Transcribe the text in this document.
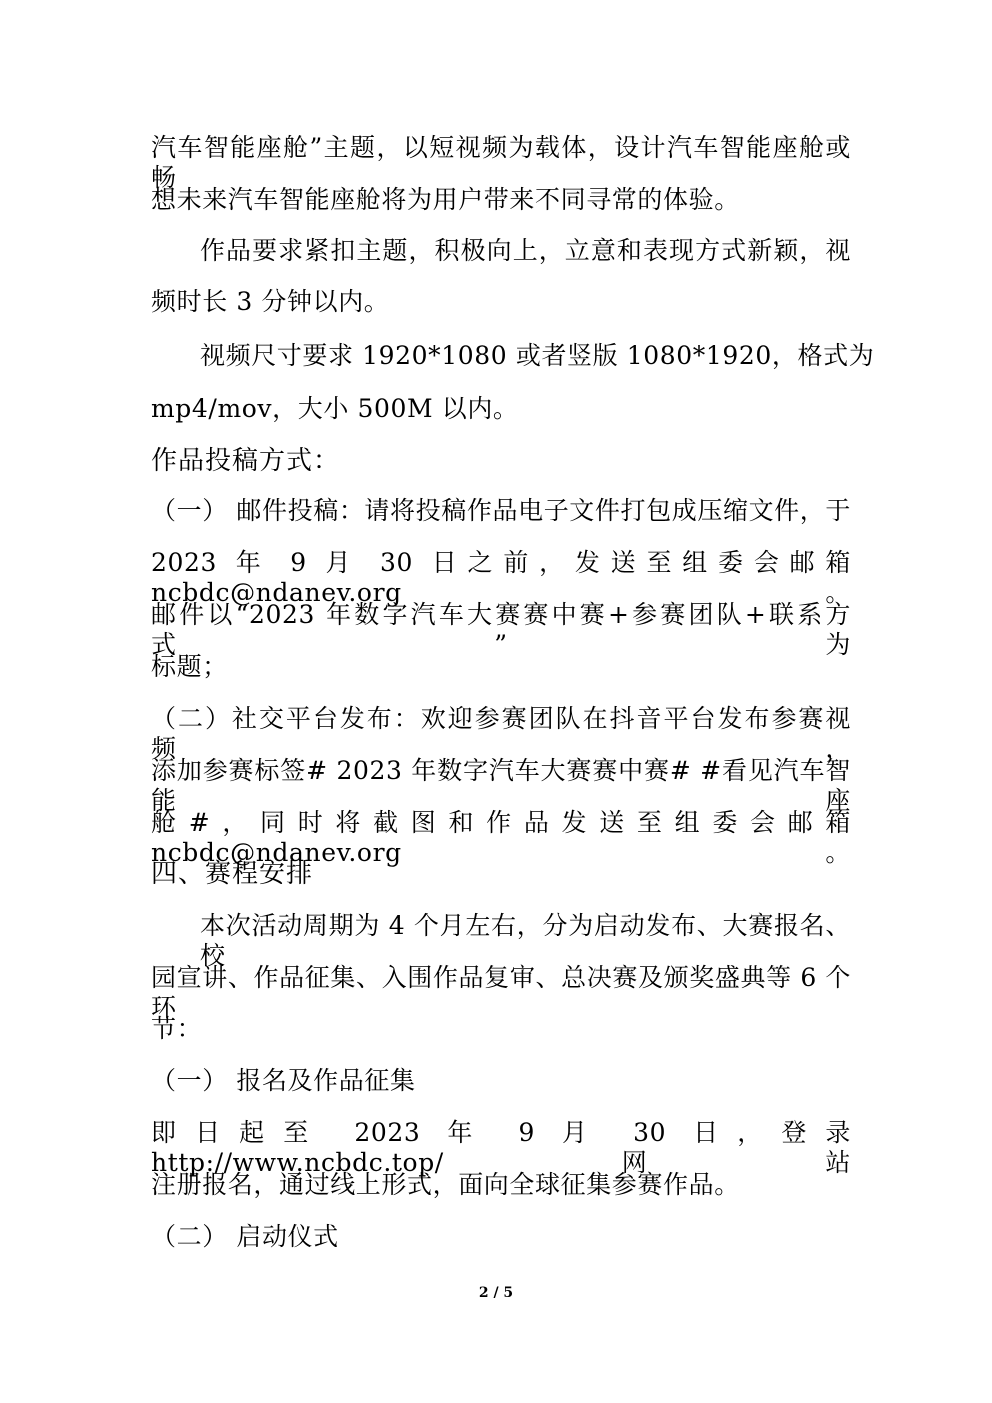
汽车智能座舱”主题，以短视频为载体，设计汽车智能座舱或畅
想未来汽车智能座舱将为用户带来不同寻常的体验。
作品要求紧扣主题，积极向上，立意和表现方式新颖，视
频时长 3 分钟以内。
视频尺寸要求 1920*1080 或者竖版 1080*1920，格式为
mp4/mov，大小 500M 以内。
作品投稿方式：
（一） 邮件投稿：请将投稿作品电子文件打包成压缩文件，于
2023 年 9 月 30 日之前，发送至组委会邮箱 ncbdc@ndanev.org。
邮件以“2023 年数字汽车大赛赛中赛+参赛团队+联系方式”为
标题；
（二）社交平台发布：欢迎参赛团队在抖音平台发布参赛视频，
添加参赛标签# 2023 年数字汽车大赛赛中赛# #看见汽车智能座
舱#，同时将截图和作品发送至组委会邮箱 ncbdc@ndanev.org。
四、赛程安排
本次活动周期为 4 个月左右，分为启动发布、大赛报名、校
园宣讲、作品征集、入围作品复审、总决赛及颁奖盛典等 6 个环
节：
（一） 报名及作品征集
即日起至 2023 年 9 月 30 日，登录 http://www.ncbdc.top/网站
注册报名，通过线上形式，面向全球征集参赛作品。
（二） 启动仪式
2 / 5
